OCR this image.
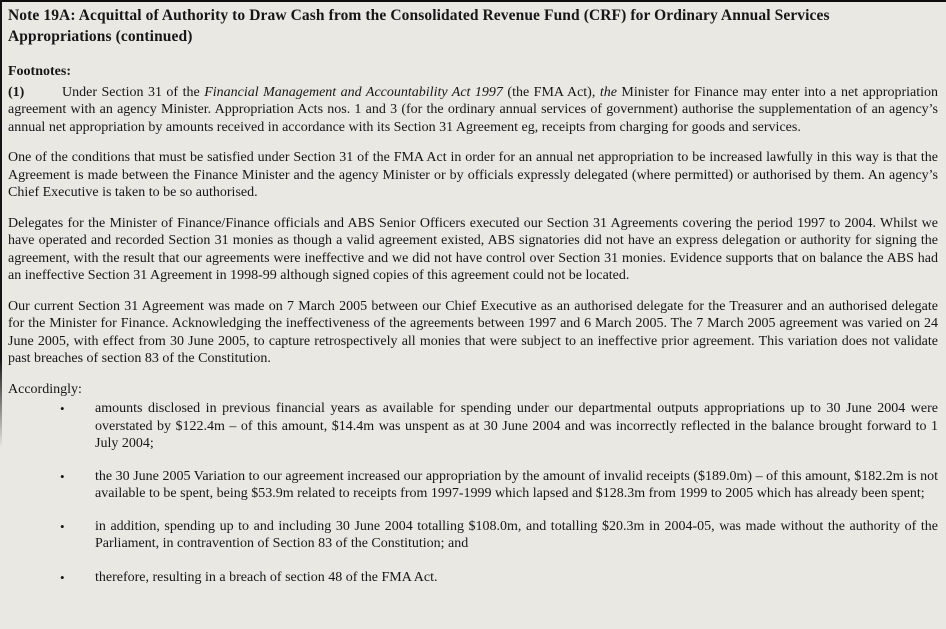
Note 19A: Acquittal of Authority to Draw Cash from the Consolidated Revenue Fund (CRF) for Ordinary Annual Services
Appropriations (continued)
Footnotes:

(1)	Under Section 31 of the Financial Management and Accountability Act 1997 (the FMA Act), the Minister for Finance may enter into a net appropriation agreement with an agency Minister. Appropriation Acts nos. 1 and 3 (for the ordinary annual services of government) authorise the supplementation of an agency’s annual net appropriation by amounts received in accordance with its Section 31 Agreement eg, receipts from charging for goods and services.

One of the conditions that must be satisfied under Section 31 of the FMA Act in order for an annual net appropriation to be increased lawfully in this way is that the Agreement is made between the Finance Minister and the agency Minister or by officials expressly delegated (where permitted) or authorised by them. An agency’s Chief Executive is taken to be so authorised.

Delegates for the Minister of Finance/Finance officials and ABS Senior Officers executed our Section 31 Agreements covering the period 1997 to 2004. Whilst we have operated and recorded Section 31 monies as though a valid agreement existed, ABS signatories did not have an express delegation or authority for signing the agreement, with the result that our agreements were ineffective and we did not have control over Section 31 monies. Evidence supports that on balance the ABS had an ineffective Section 31 Agreement in 1998-99 although signed copies of this agreement could not be located.

Our current Section 31 Agreement was made on 7 March 2005 between our Chief Executive as an authorised delegate for the Treasurer and an authorised delegate for the Minister for Finance. Acknowledging the ineffectiveness of the agreements between 1997 and 6 March 2005. The 7 March 2005 agreement was varied on 24 June 2005, with effect from 30 June 2005, to capture retrospectively all monies that were subject to an ineffective prior agreement. This variation does not validate past breaches of section 83 of the Constitution.

Accordingly:

•	amounts disclosed in previous financial years as available for spending under our departmental outputs appropriations up to 30 June 2004 were overstated by $122.4m – of this amount, $14.4m was unspent as at 30 June 2004 and was incorrectly reflected in the balance brought forward to 1 July 2004;
•	the 30 June 2005 Variation to our agreement increased our appropriation by the amount of invalid receipts ($189.0m) – of this amount, $182.2m is not available to be spent, being $53.9m related to receipts from 1997-1999 which lapsed and $128.3m from 1999 to 2005 which has already been spent;
•	in addition, spending up to and including 30 June 2004 totalling $108.0m, and totalling $20.3m in 2004-05, was made without the authority of the Parliament, in contravention of Section 83 of the Constitution; and
•	therefore, resulting in a breach of section 48 of the FMA Act.
